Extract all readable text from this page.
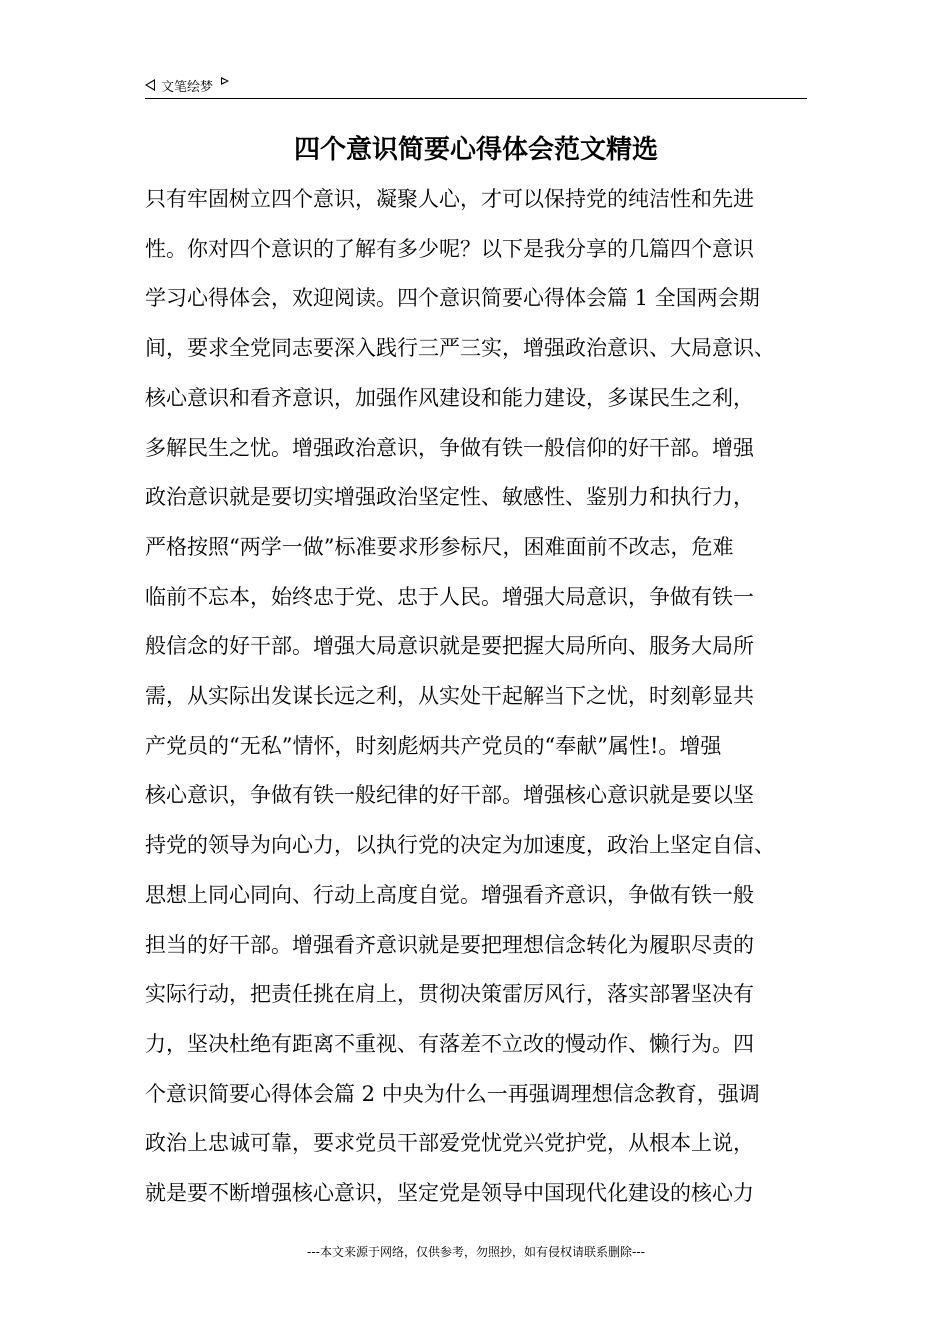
文笔绘梦
四个意识简要心得体会范文精选
只有牢固树立四个意识，凝聚人心，才可以保持党的纯洁性和先进
性。你对四个意识的了解有多少呢？以下是我分享的几篇四个意识
学习心得体会，欢迎阅读。四个意识简要心得体会篇 1 全国两会期
间，要求全党同志要深入践行三严三实，增强政治意识、大局意识、
核心意识和看齐意识，加强作风建设和能力建设，多谋民生之利，
多解民生之忧。增强政治意识，争做有铁一般信仰的好干部。增强
政治意识就是要切实增强政治坚定性、敏感性、鉴别力和执行力，
严格按照“两学一做”标准要求形参标尺，困难面前不改志，危难
临前不忘本，始终忠于党、忠于人民。增强大局意识，争做有铁一
般信念的好干部。增强大局意识就是要把握大局所向、服务大局所
需，从实际出发谋长远之利，从实处干起解当下之忧，时刻彰显共
产党员的“无私”情怀，时刻彪炳共产党员的“奉献”属性!。增强
核心意识，争做有铁一般纪律的好干部。增强核心意识就是要以坚
持党的领导为向心力，以执行党的决定为加速度，政治上坚定自信、
思想上同心同向、行动上高度自觉。增强看齐意识，争做有铁一般
担当的好干部。增强看齐意识就是要把理想信念转化为履职尽责的
实际行动，把责任挑在肩上，贯彻决策雷厉风行，落实部署坚决有
力，坚决杜绝有距离不重视、有落差不立改的慢动作、懒行为。四
个意识简要心得体会篇 2 中央为什么一再强调理想信念教育，强调
政治上忠诚可靠，要求党员干部爱党忧党兴党护党，从根本上说，
就是要不断增强核心意识，坚定党是领导中国现代化建设的核心力
---本文来源于网络，仅供参考，勿照抄，如有侵权请联系删除---
